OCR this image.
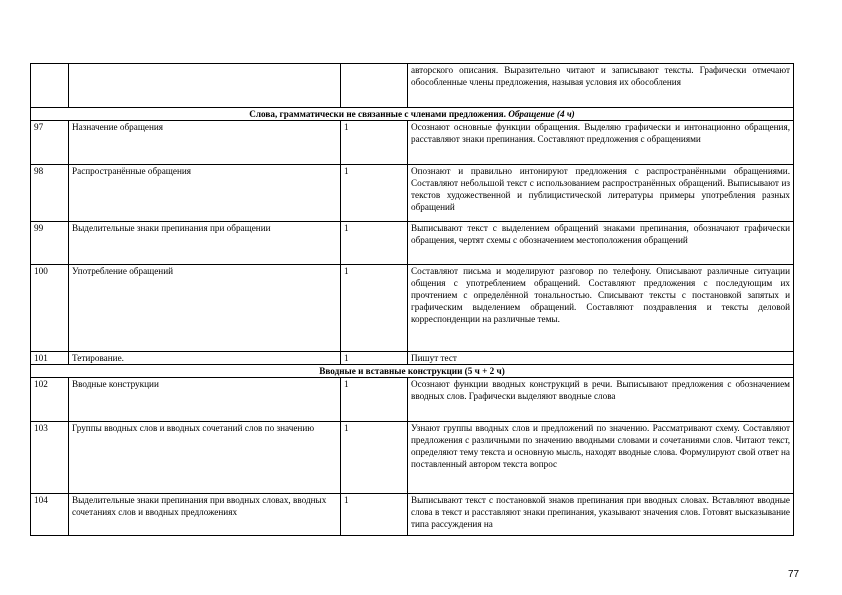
			авторского описания. Выразительно читают и записывают тексты. Графически отмечают обособленные члены предложения, называя условия их обособления
Слова, грамматически не связанные с членами предложения. Обращение (4 ч)			
97	Назначение обращения	1	Осознают основные функции обращения. Выделяю графически и интонационно обращения, расставляют знаки препинания. Составляют предложения с обращениями
98	Распространённые обращения	1	Опознают и правильно интонируют предложения с распространёнными обращениями. Составляют небольшой текст с использованием распространённых обращений. Выписывают из текстов художественной и публицистической литературы примеры употребления разных обращений
99	Выделительные знаки препинания при обращении	1	Выписывают текст с выделением обращений знаками препинания, обозначают графически обращения, чертят схемы с обозначением местоположения обращений
100	Употребление обращений	1	Составляют письма и моделируют разговор по телефону. Описывают различные ситуации общения с употреблением обращений. Составляют предложения с последующим их прочтением с определённой тональностью. Списывают тексты с постановкой запятых и графическим выделением обращений. Составляют поздравления и тексты деловой корреспонденции на различные темы.
101	Тетирование.	1	Пишут тест
Вводные и вставные конструкции (5 ч + 2 ч)			
102	Вводные конструкции	1	Осознают функции вводных конструкций в речи. Выписывают предложения с обозначением вводных слов. Графически выделяют вводные слова
103	Группы вводных слов и вводных сочетаний слов по значению	1	Узнают группы вводных слов и предложений по значению. Рассматривают схему. Составляют предложения с различными по значению вводными словами и сочетаниями слов. Читают текст, определяют тему текста и основную мысль, находят вводные слова. Формулируют свой ответ на поставленный автором текста вопрос
104	Выделительные знаки препинания при вводных словах, вводных сочетаниях слов и вводных предложениях	1	Выписывают текст с постановкой знаков препинания при вводных словах. Вставляют вводные слова в текст и расставляют знаки препинания, указывают значения слов. Готовят высказывание типа рассуждения на
77
